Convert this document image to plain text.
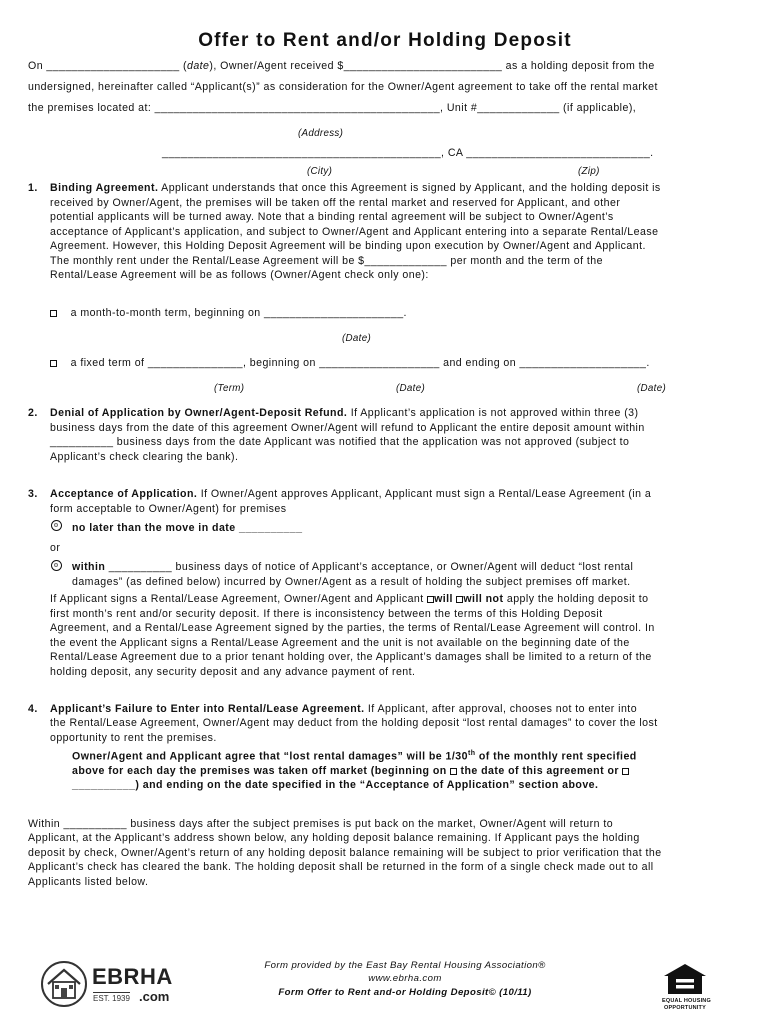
Offer to Rent and/or Holding Deposit
On _____________________ (date), Owner/Agent received $_________________________ as a holding deposit from the
undersigned, hereinafter called “Applicant(s)” as consideration for the Owner/Agent agreement to take off the rental market
the premises located at: _____________________________________________, Unit #_____________ (if applicable),
(Address)
____________________________________________, CA _____________________________.
(City)	(Zip)
1. Binding Agreement. Applicant understands that once this Agreement is signed by Applicant, and the holding deposit is
received by Owner/Agent, the premises will be taken off the rental market and reserved for Applicant, and other
potential applicants will be turned away. Note that a binding rental agreement will be subject to Owner/Agent’s
acceptance of Applicant’s application, and subject to Owner/Agent and Applicant entering into a separate Rental/Lease
Agreement. However, this Holding Deposit Agreement will be binding upon execution by Owner/Agent and Applicant.
The monthly rent under the Rental/Lease Agreement will be $_____________ per month and the term of the
Rental/Lease Agreement will be as follows (Owner/Agent check only one):
a month-to-month term, beginning on ______________________.
(Date)
a fixed term of _______________, beginning on ___________________ and ending on ____________________.
(Term)	(Date)	(Date)
2. Denial of Application by Owner/Agent-Deposit Refund. If Applicant’s application is not approved within three (3)
business days from the date of this agreement Owner/Agent will refund to Applicant the entire deposit amount within
__________ business days from the date Applicant was notified that the application was not approved (subject to
Applicant’s check clearing the bank).
3. Acceptance of Application. If Owner/Agent approves Applicant, Applicant must sign a Rental/Lease Agreement (in a
form acceptable to Owner/Agent) for premises
no later than the move in date __________
or
within __________ business days of notice of Applicant’s acceptance, or Owner/Agent will deduct “lost rental
damages” (as defined below) incurred by Owner/Agent as a result of holding the subject premises off market.
If Applicant signs a Rental/Lease Agreement, Owner/Agent and Applicant will will not apply the holding deposit to
first month’s rent and/or security deposit. If there is inconsistency between the terms of this Holding Deposit
Agreement, and a Rental/Lease Agreement signed by the parties, the terms of Rental/Lease Agreement will control. In
the event the Applicant signs a Rental/Lease Agreement and the unit is not available on the beginning date of the
Rental/Lease Agreement due to a prior tenant holding over, the Applicant’s damages shall be limited to a return of the
holding deposit, any security deposit and any advance payment of rent.
4. Applicant’s Failure to Enter into Rental/Lease Agreement. If Applicant, after approval, chooses not to enter into
the Rental/Lease Agreement, Owner/Agent may deduct from the holding deposit “lost rental damages” to cover the lost
opportunity to rent the premises.
Owner/Agent and Applicant agree that “lost rental damages” will be 1/30th of the monthly rent specified
above for each day the premises was taken off market (beginning on the date of this agreement or
__________) and ending on the date specified in the “Acceptance of Application” section above.
Within __________ business days after the subject premises is put back on the market, Owner/Agent will return to
Applicant, at the Applicant’s address shown below, any holding deposit balance remaining. If Applicant pays the holding
deposit by check, Owner/Agent’s return of any holding deposit balance remaining will be subject to prior verification that the
Applicant’s check has cleared the bank. The holding deposit shall be returned in the form of a single check made out to all
Applicants listed below.
Form provided by the East Bay Rental Housing Association®
www.ebrha.com
Form Offer to Rent and-or Holding Deposit© (10/11)
EBRHA
EST. 1939 .com	EQUAL HOUSING
OPPORTUNITY
